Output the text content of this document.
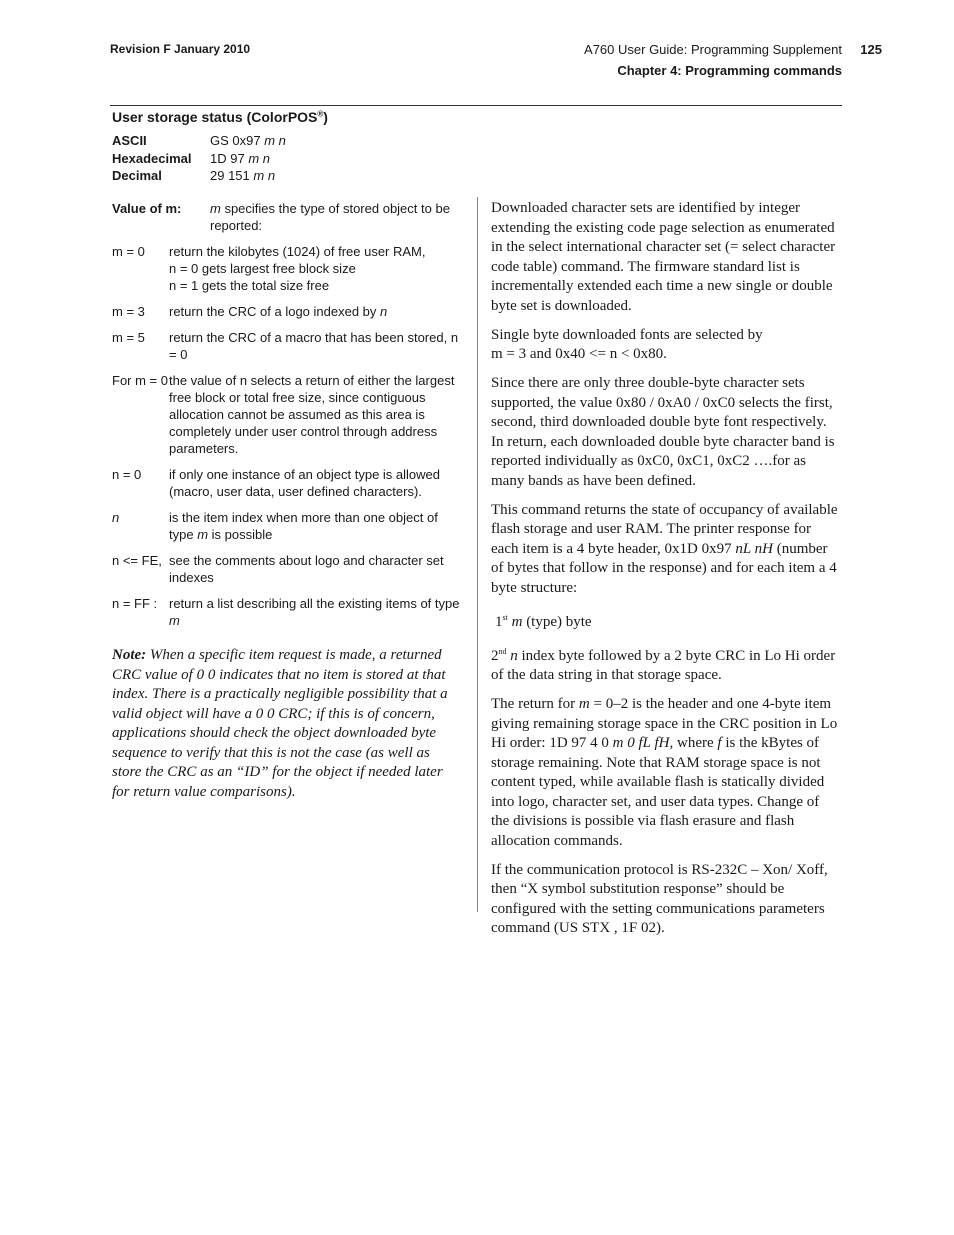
Revision F January 2010	A760 User Guide: Programming Supplement 125
Chapter 4: Programming commands
User storage status (ColorPOS®)
ASCII	GS 0x97 m n
Hexadecimal 1D 97 m n
Decimal	29 151 m n
Value of m: m specifies the type of stored object to be reported:
m = 0 return the kilobytes (1024) of free user RAM,
n = 0 gets largest free block size
n = 1 gets the total size free
m = 3 return the CRC of a logo indexed by n
m = 5 return the CRC of a macro that has been stored, n = 0
For m = 0 the value of n selects a return of either the largest free block or total free size, since contiguous allocation cannot be assumed as this area is completely under user control through address parameters.
n = 0 if only one instance of an object type is allowed (macro, user data, user defined characters).
n	is the item index when more than one object of type m is possible
n <= FE, see the comments about logo and character set indexes
n = FF : return a list describing all the existing items of type m
Note: When a specific item request is made, a returned CRC value of 0 0 indicates that no item is stored at that index. There is a practically negligible possibility that a valid object will have a 0 0 CRC; if this is of concern, applications should check the object downloaded byte sequence to verify that this is not the case (as well as store the CRC as an “ID” for the object if needed later for return value comparisons).

Downloaded character sets are identified by integer extending the existing code page selection as enumerated in the select international character set (= select character code table) command. The firmware standard list is incrementally extended each time a new single or double byte set is downloaded.

Single byte downloaded fonts are selected by
m = 3 and 0x40 <= n < 0x80.

Since there are only three double-byte character sets supported, the value 0x80 / 0xA0 / 0xC0 selects the first, second, third downloaded double byte font respectively. In return, each downloaded double byte character band is reported individually as 0xC0, 0xC1, 0xC2 ….for as many bands as have been defined.

This command returns the state of occupancy of available flash storage and user RAM. The printer response for each item is a 4 byte header, 0x1D 0x97 nL nH (number of bytes that follow in the response) and for each item a 4 byte structure:

1st m (type) byte

2nd n index byte followed by a 2 byte CRC in Lo Hi order of the data string in that storage space.

The return for m = 0–2 is the header and one 4-byte item giving remaining storage space in the CRC position in Lo Hi order: 1D 97 4 0 m 0 fL fH, where f is the kBytes of storage remaining. Note that RAM storage space is not content typed, while available flash is statically divided into logo, character set, and user data types. Change of the divisions is possible via flash erasure and flash allocation commands.

If the communication protocol is RS-232C – Xon/ Xoff, then “X symbol substitution response” should be configured with the setting communications parameters command (US STX , 1F 02).
